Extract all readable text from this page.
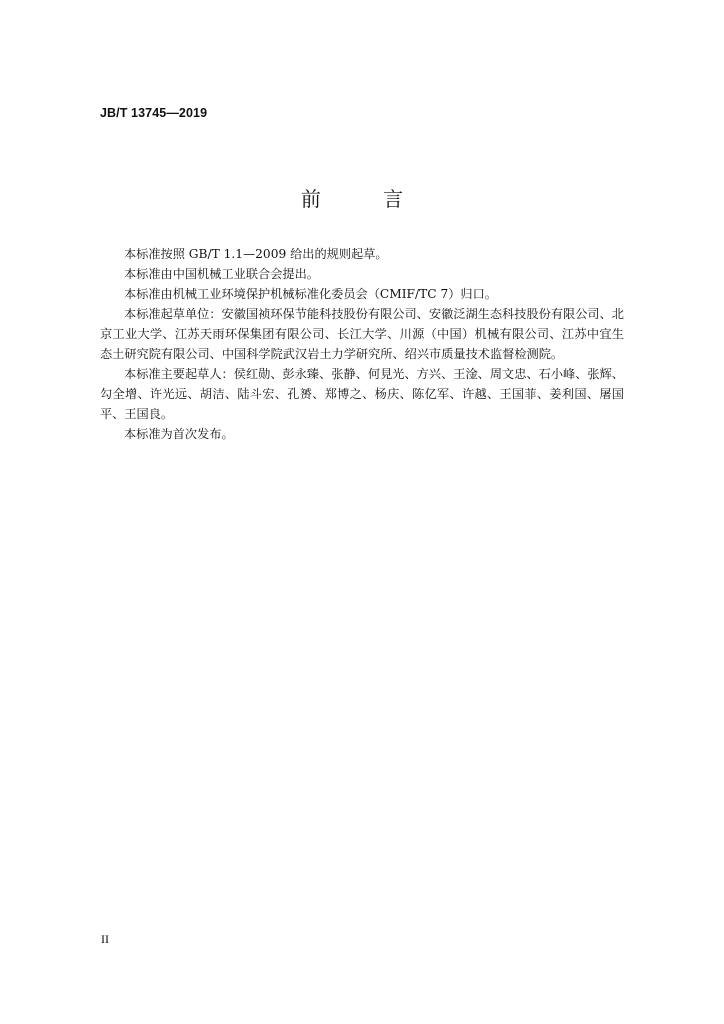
JB/T 13745—2019
前 言

本标准按照 GB/T 1.1—2009 给出的规则起草。

本标准由中国机械工业联合会提出。

本标准由机械工业环境保护机械标准化委员会（CMIF/TC 7）归口。

本标准起草单位：安徽国祯环保节能科技股份有限公司、安徽泛湖生态科技股份有限公司、北京工业大学、江苏天雨环保集团有限公司、长江大学、川源（中国）机械有限公司、江苏中宜生态土研究院有限公司、中国科学院武汉岩土力学研究所、绍兴市质量技术监督检测院。

本标准主要起草人：侯红勋、彭永臻、张静、何見光、方兴、王淦、周文忠、石小峰、张辉、勾全增、许光远、胡洁、陆斗宏、孔赟、郑博之、杨庆、陈亿军、许越、王国菲、姜利国、屠国平、王国良。

本标准为首次发布。

II
